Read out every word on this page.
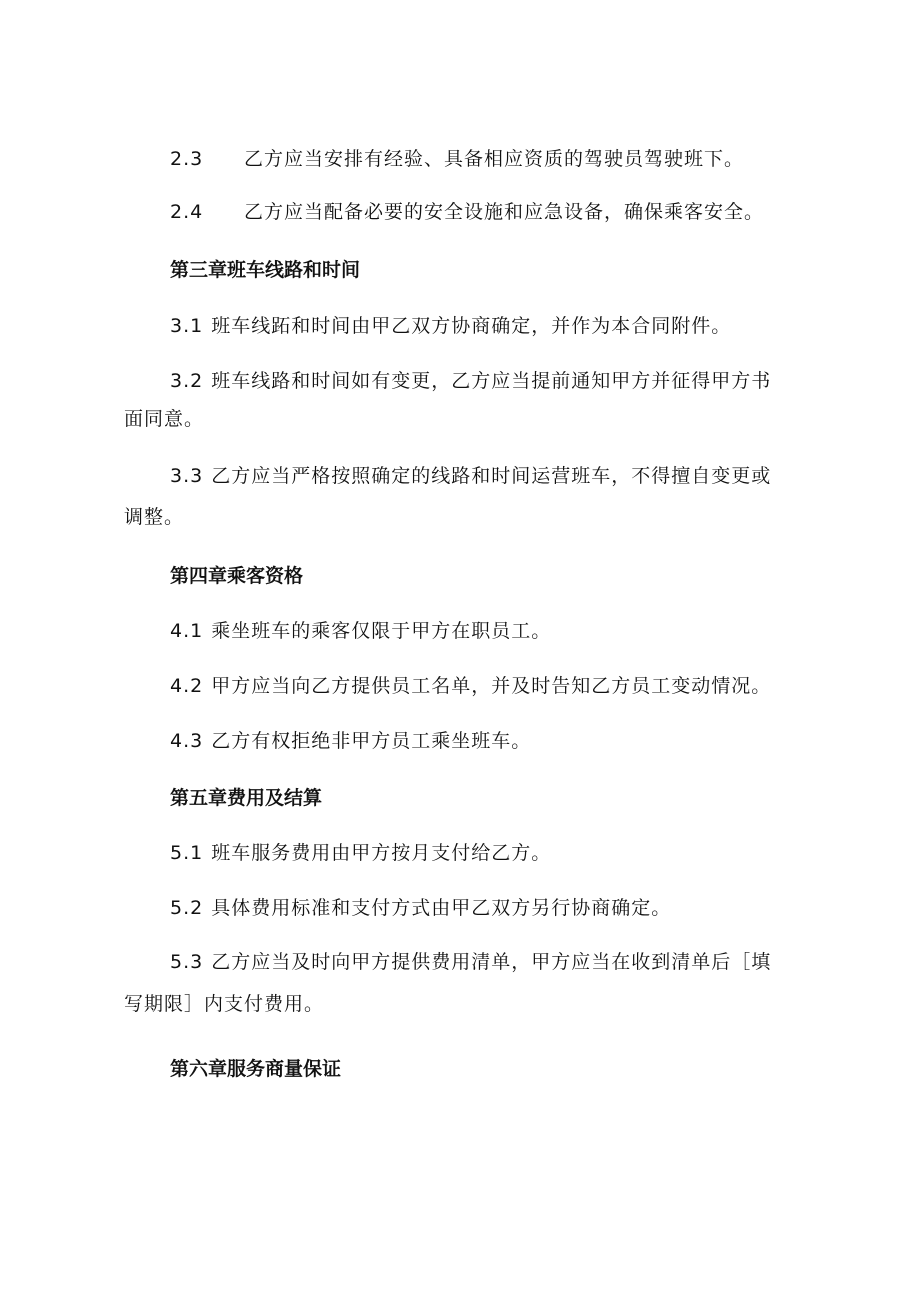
2.3 乙方应当安排有经验、具备相应资质的驾驶员驾驶班下。
2.4 乙方应当配备必要的安全设施和应急设备，确保乘客安全。
第三章班车线路和时间
3.1 班车线跖和时间由甲乙双方协商确定，并作为本合同附件。
3.2 班车线路和时间如有变更，乙方应当提前通知甲方并征得甲方书
面同意。
3.3 乙方应当严格按照确定的线路和时间运营班车，不得擅自变更或
调整。
第四章乘客资格
4.1 乘坐班车的乘客仅限于甲方在职员工。
4.2 甲方应当向乙方提供员工名单，并及时告知乙方员工变动情况。
4.3 乙方有权拒绝非甲方员工乘坐班车。
第五章费用及结算
5.1 班车服务费用由甲方按月支付给乙方。
5.2 具体费用标准和支付方式由甲乙双方另行协商确定。
5.3 乙方应当及时向甲方提供费用清单，甲方应当在收到清单后［填
写期限］内支付费用。
第六章服务商量保证
